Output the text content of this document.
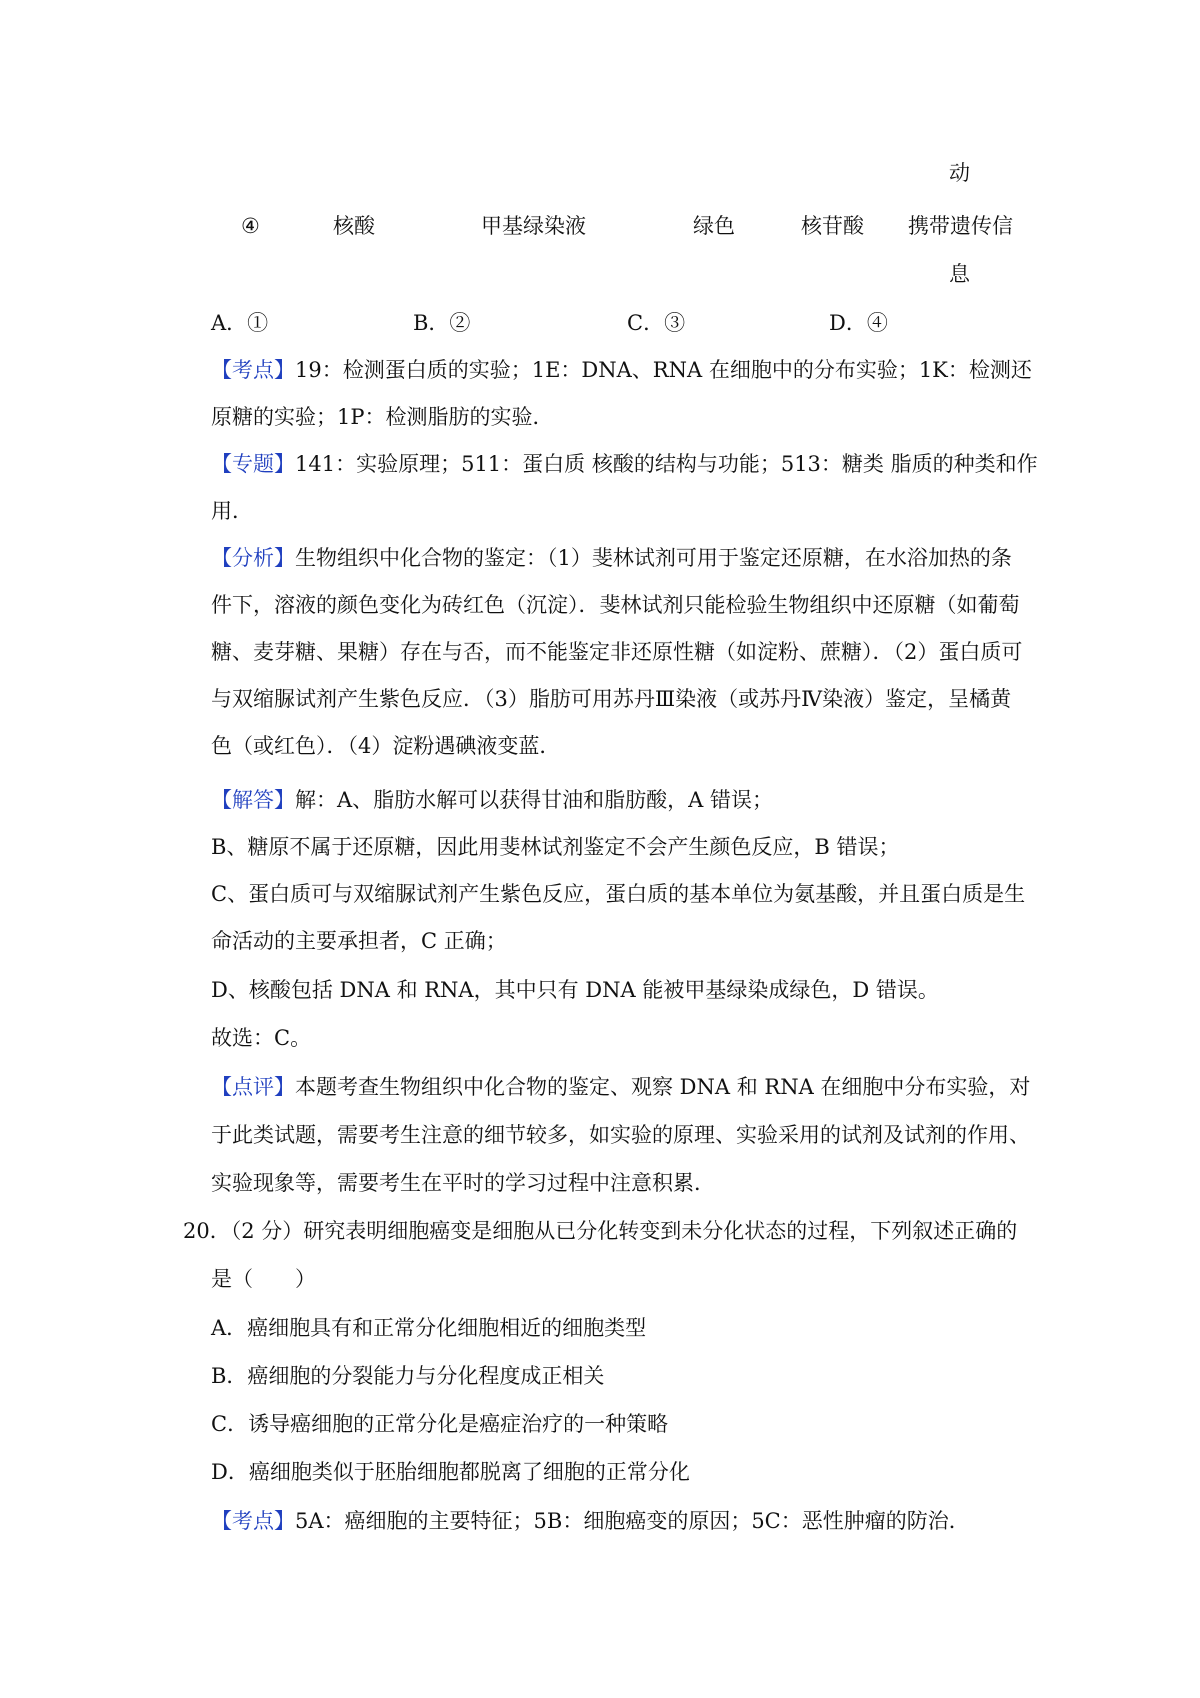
动
④	核酸	甲基绿染液	绿色	核苷酸 携带遗传信
息
A．①	B．②	C．③	D．④
【考点】19：检测蛋白质的实验；1E：DNA、RNA 在细胞中的分布实验；1K：检测还
原糖的实验；1P：检测脂肪的实验．
【专题】141：实验原理；511：蛋白质 核酸的结构与功能；513：糖类 脂质的种类和作
用．
【分析】生物组织中化合物的鉴定：（1）斐林试剂可用于鉴定还原糖，在水浴加热的条
件下，溶液的颜色变化为砖红色（沉淀）．斐林试剂只能检验生物组织中还原糖（如葡萄
糖、麦芽糖、果糖）存在与否，而不能鉴定非还原性糖（如淀粉、蔗糖）．（2）蛋白质可
与双缩脲试剂产生紫色反应．（3）脂肪可用苏丹Ⅲ染液（或苏丹Ⅳ染液）鉴定，呈橘黄
色（或红色）．（4）淀粉遇碘液变蓝．
【解答】解：A、脂肪水解可以获得甘油和脂肪酸，A 错误；
B、糖原不属于还原糖，因此用斐林试剂鉴定不会产生颜色反应，B 错误；
C、蛋白质可与双缩脲试剂产生紫色反应，蛋白质的基本单位为氨基酸，并且蛋白质是生
命活动的主要承担者，C 正确；
D、核酸包括 DNA 和 RNA，其中只有 DNA 能被甲基绿染成绿色，D 错误。
故选：C。
【点评】本题考查生物组织中化合物的鉴定、观察 DNA 和 RNA 在细胞中分布实验，对
于此类试题，需要考生注意的细节较多，如实验的原理、实验采用的试剂及试剂的作用、
实验现象等，需要考生在平时的学习过程中注意积累．
20．（2 分）研究表明细胞癌变是细胞从已分化转变到未分化状态的过程，下列叙述正确的
是（　　）
A．癌细胞具有和正常分化细胞相近的细胞类型
B．癌细胞的分裂能力与分化程度成正相关
C．诱导癌细胞的正常分化是癌症治疗的一种策略
D．癌细胞类似于胚胎细胞都脱离了细胞的正常分化
【考点】5A：癌细胞的主要特征；5B：细胞癌变的原因；5C：恶性肿瘤的防治．
